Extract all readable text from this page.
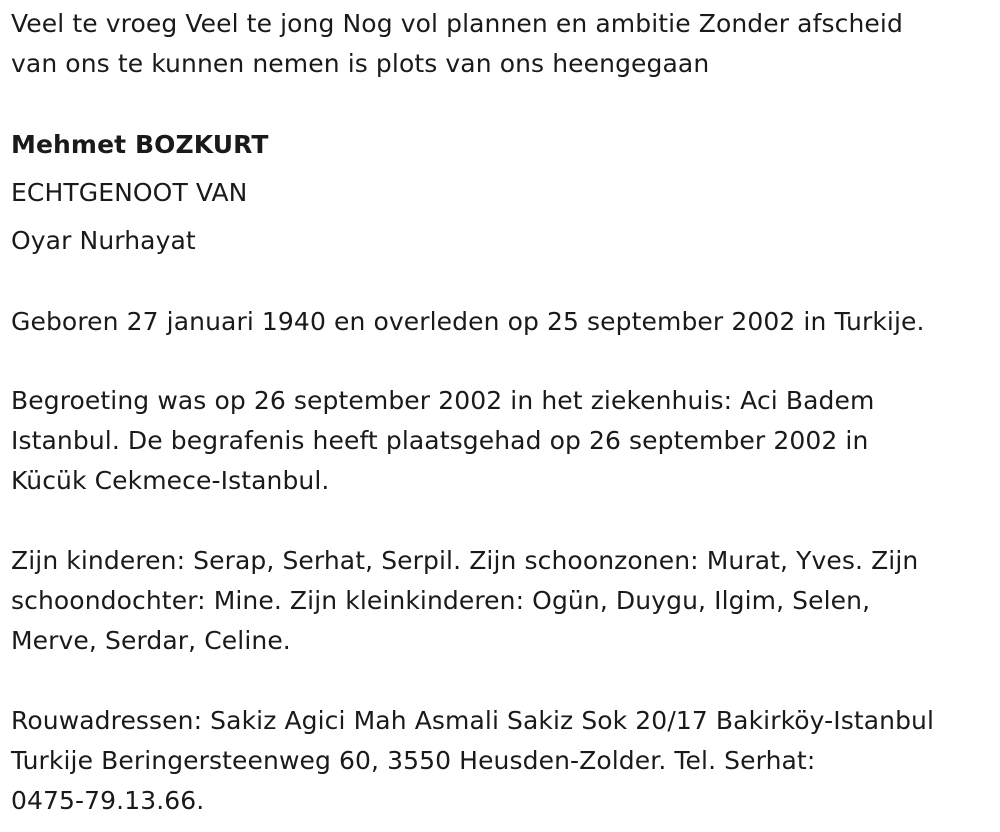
Veel te vroeg Veel te jong Nog vol plannen en ambitie Zonder afscheid
van ons te kunnen nemen is plots van ons heengegaan

Mehmet BOZKURT

ECHTGENOOT VAN

Oyar Nurhayat

Geboren 27 januari 1940 en overleden op 25 september 2002 in Turkije.

Begroeting was op 26 september 2002 in het ziekenhuis: Aci Badem
Istanbul. De begrafenis heeft plaatsgehad op 26 september 2002 in
Kücük Cekmece-Istanbul.

Zijn kinderen: Serap, Serhat, Serpil. Zijn schoonzonen: Murat, Yves. Zijn
schoondochter: Mine. Zijn kleinkinderen: Ogün, Duygu, Ilgim, Selen,
Merve, Serdar, Celine.

Rouwadressen: Sakiz Agici Mah Asmali Sakiz Sok 20/17 Bakirköy-Istanbul
Turkije Beringersteenweg 60, 3550 Heusden-Zolder. Tel. Serhat:
0475-79.13.66.
